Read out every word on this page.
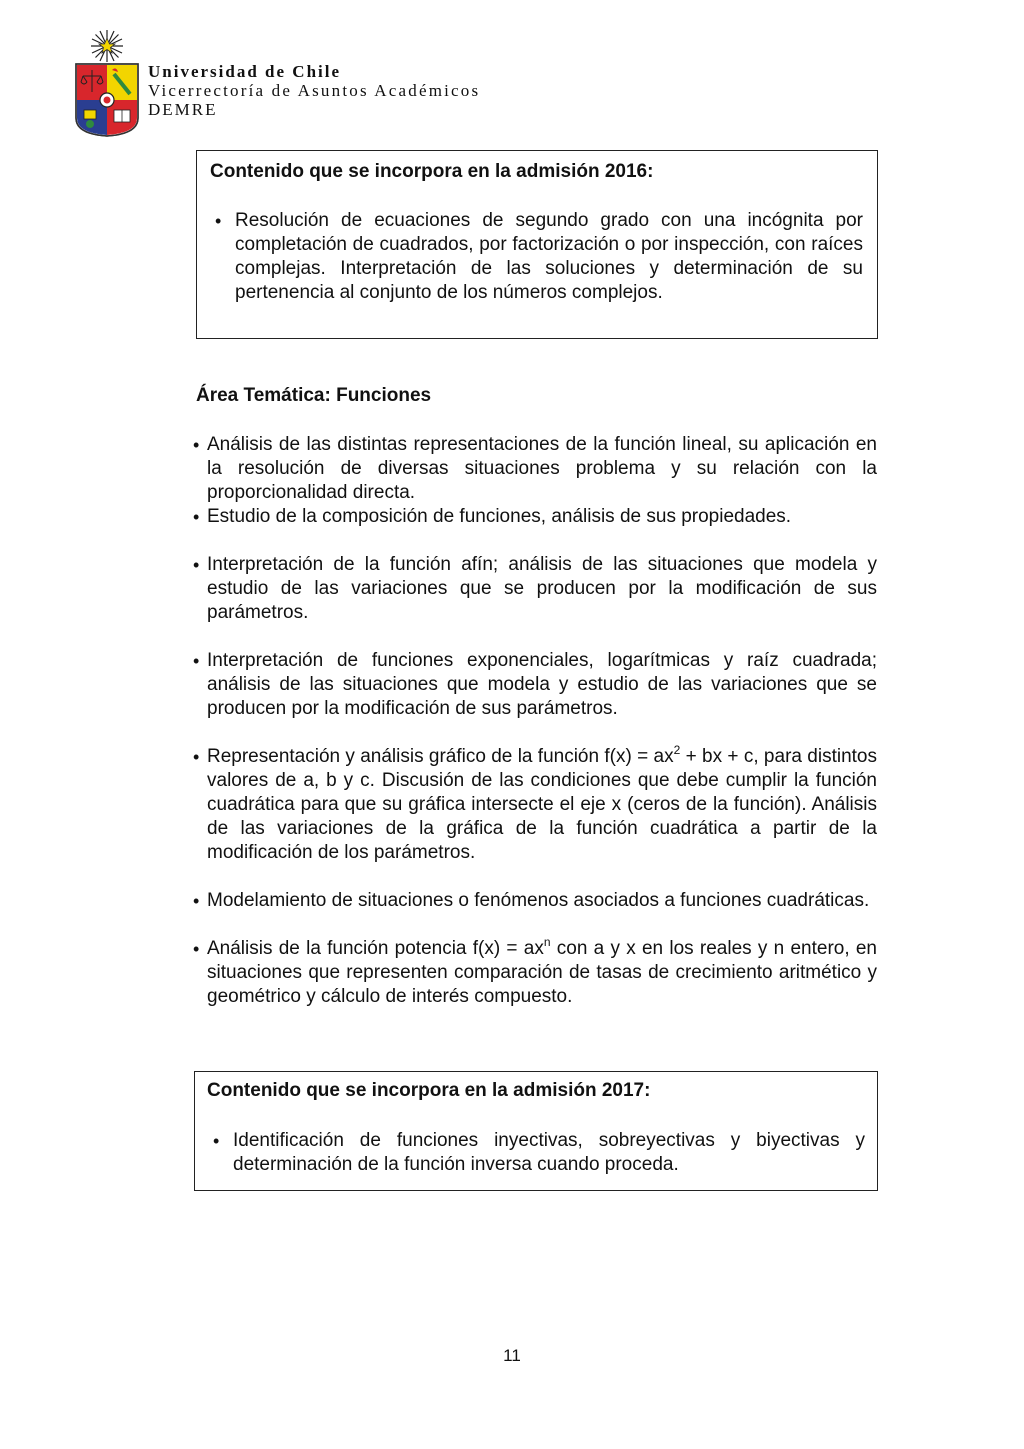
Universidad de Chile
Vicerrectoría de Asuntos Académicos
DEMRE
Contenido que se incorpora en la admisión 2016:
• Resolución de ecuaciones de segundo grado con una incógnita por completación de cuadrados, por factorización o por inspección, con raíces complejas. Interpretación de las soluciones y determinación de su pertenencia al conjunto de los números complejos.
Área Temática: Funciones
• Análisis de las distintas representaciones de la función lineal, su aplicación en la resolución de diversas situaciones problema y su relación con la proporcionalidad directa.
• Estudio de la composición de funciones, análisis de sus propiedades.
• Interpretación de la función afín; análisis de las situaciones que modela y estudio de las variaciones que se producen por la modificación de sus parámetros.
• Interpretación de funciones exponenciales, logarítmicas y raíz cuadrada; análisis de las situaciones que modela y estudio de las variaciones que se producen por la modificación de sus parámetros.
• Representación y análisis gráfico de la función $f(x) = ax^2$ + bx + c, para distintos valores de a, b y c. Discusión de las condiciones que debe cumplir la función cuadrática para que su gráfica intersecte el eje x (ceros de la función). Análisis de las variaciones de la gráfica de la función cuadrática a partir de la modificación de los parámetros.
• Modelamiento de situaciones o fenómenos asociados a funciones cuadráticas.
• Análisis de la función potencia $f(x) = ax^n$ con a y x en los reales y n entero, en situaciones que representen comparación de tasas de crecimiento aritmético y geométrico y cálculo de interés compuesto.
Contenido que se incorpora en la admisión 2017:
• Identificación de funciones inyectivas, sobreyectivas y biyectivas y determinación de la función inversa cuando proceda.
11
